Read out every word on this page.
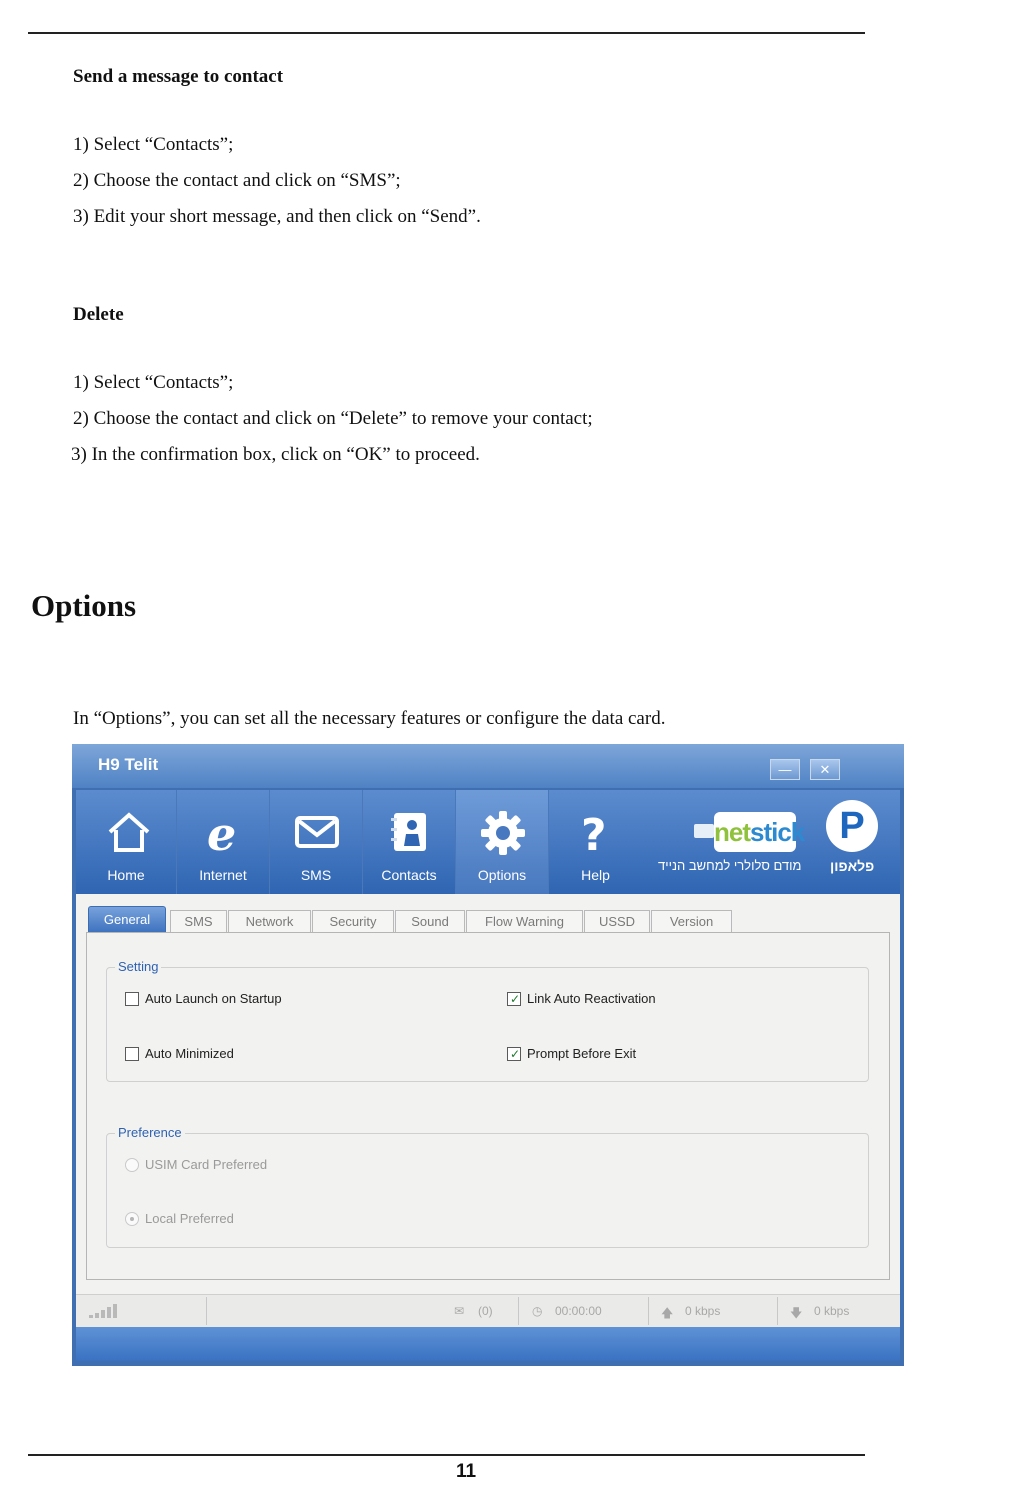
Send a message to contact
1) Select “Contacts”;
2) Choose the contact and click on “SMS”;
3) Edit your short message, and then click on “Send”.
Delete
1) Select “Contacts”;
2) Choose the contact and click on “Delete” to remove your contact;
3) In the confirmation box, click on “OK” to proceed.
Options
In “Options”, you can set all the necessary features or configure the data card.
H9 Telit	—	✕
Home
e
Internet	SMS	Contacts	Options
?
Help
netstick
מודם סלולרי למחשב הנייד
P
פלאפון
General	SMS	Network	Security	Sound	Flow Warning	USSD	Version
Setting
Auto Launch on Startup	✓ Link Auto Reactivation
Auto Minimized	✓ Prompt Before Exit
Preference
USIM Card Preferred
Local Preferred
✉ (0)	◷ 00:00:00	🡅 0 kbps	🡇 0 kbps
11
